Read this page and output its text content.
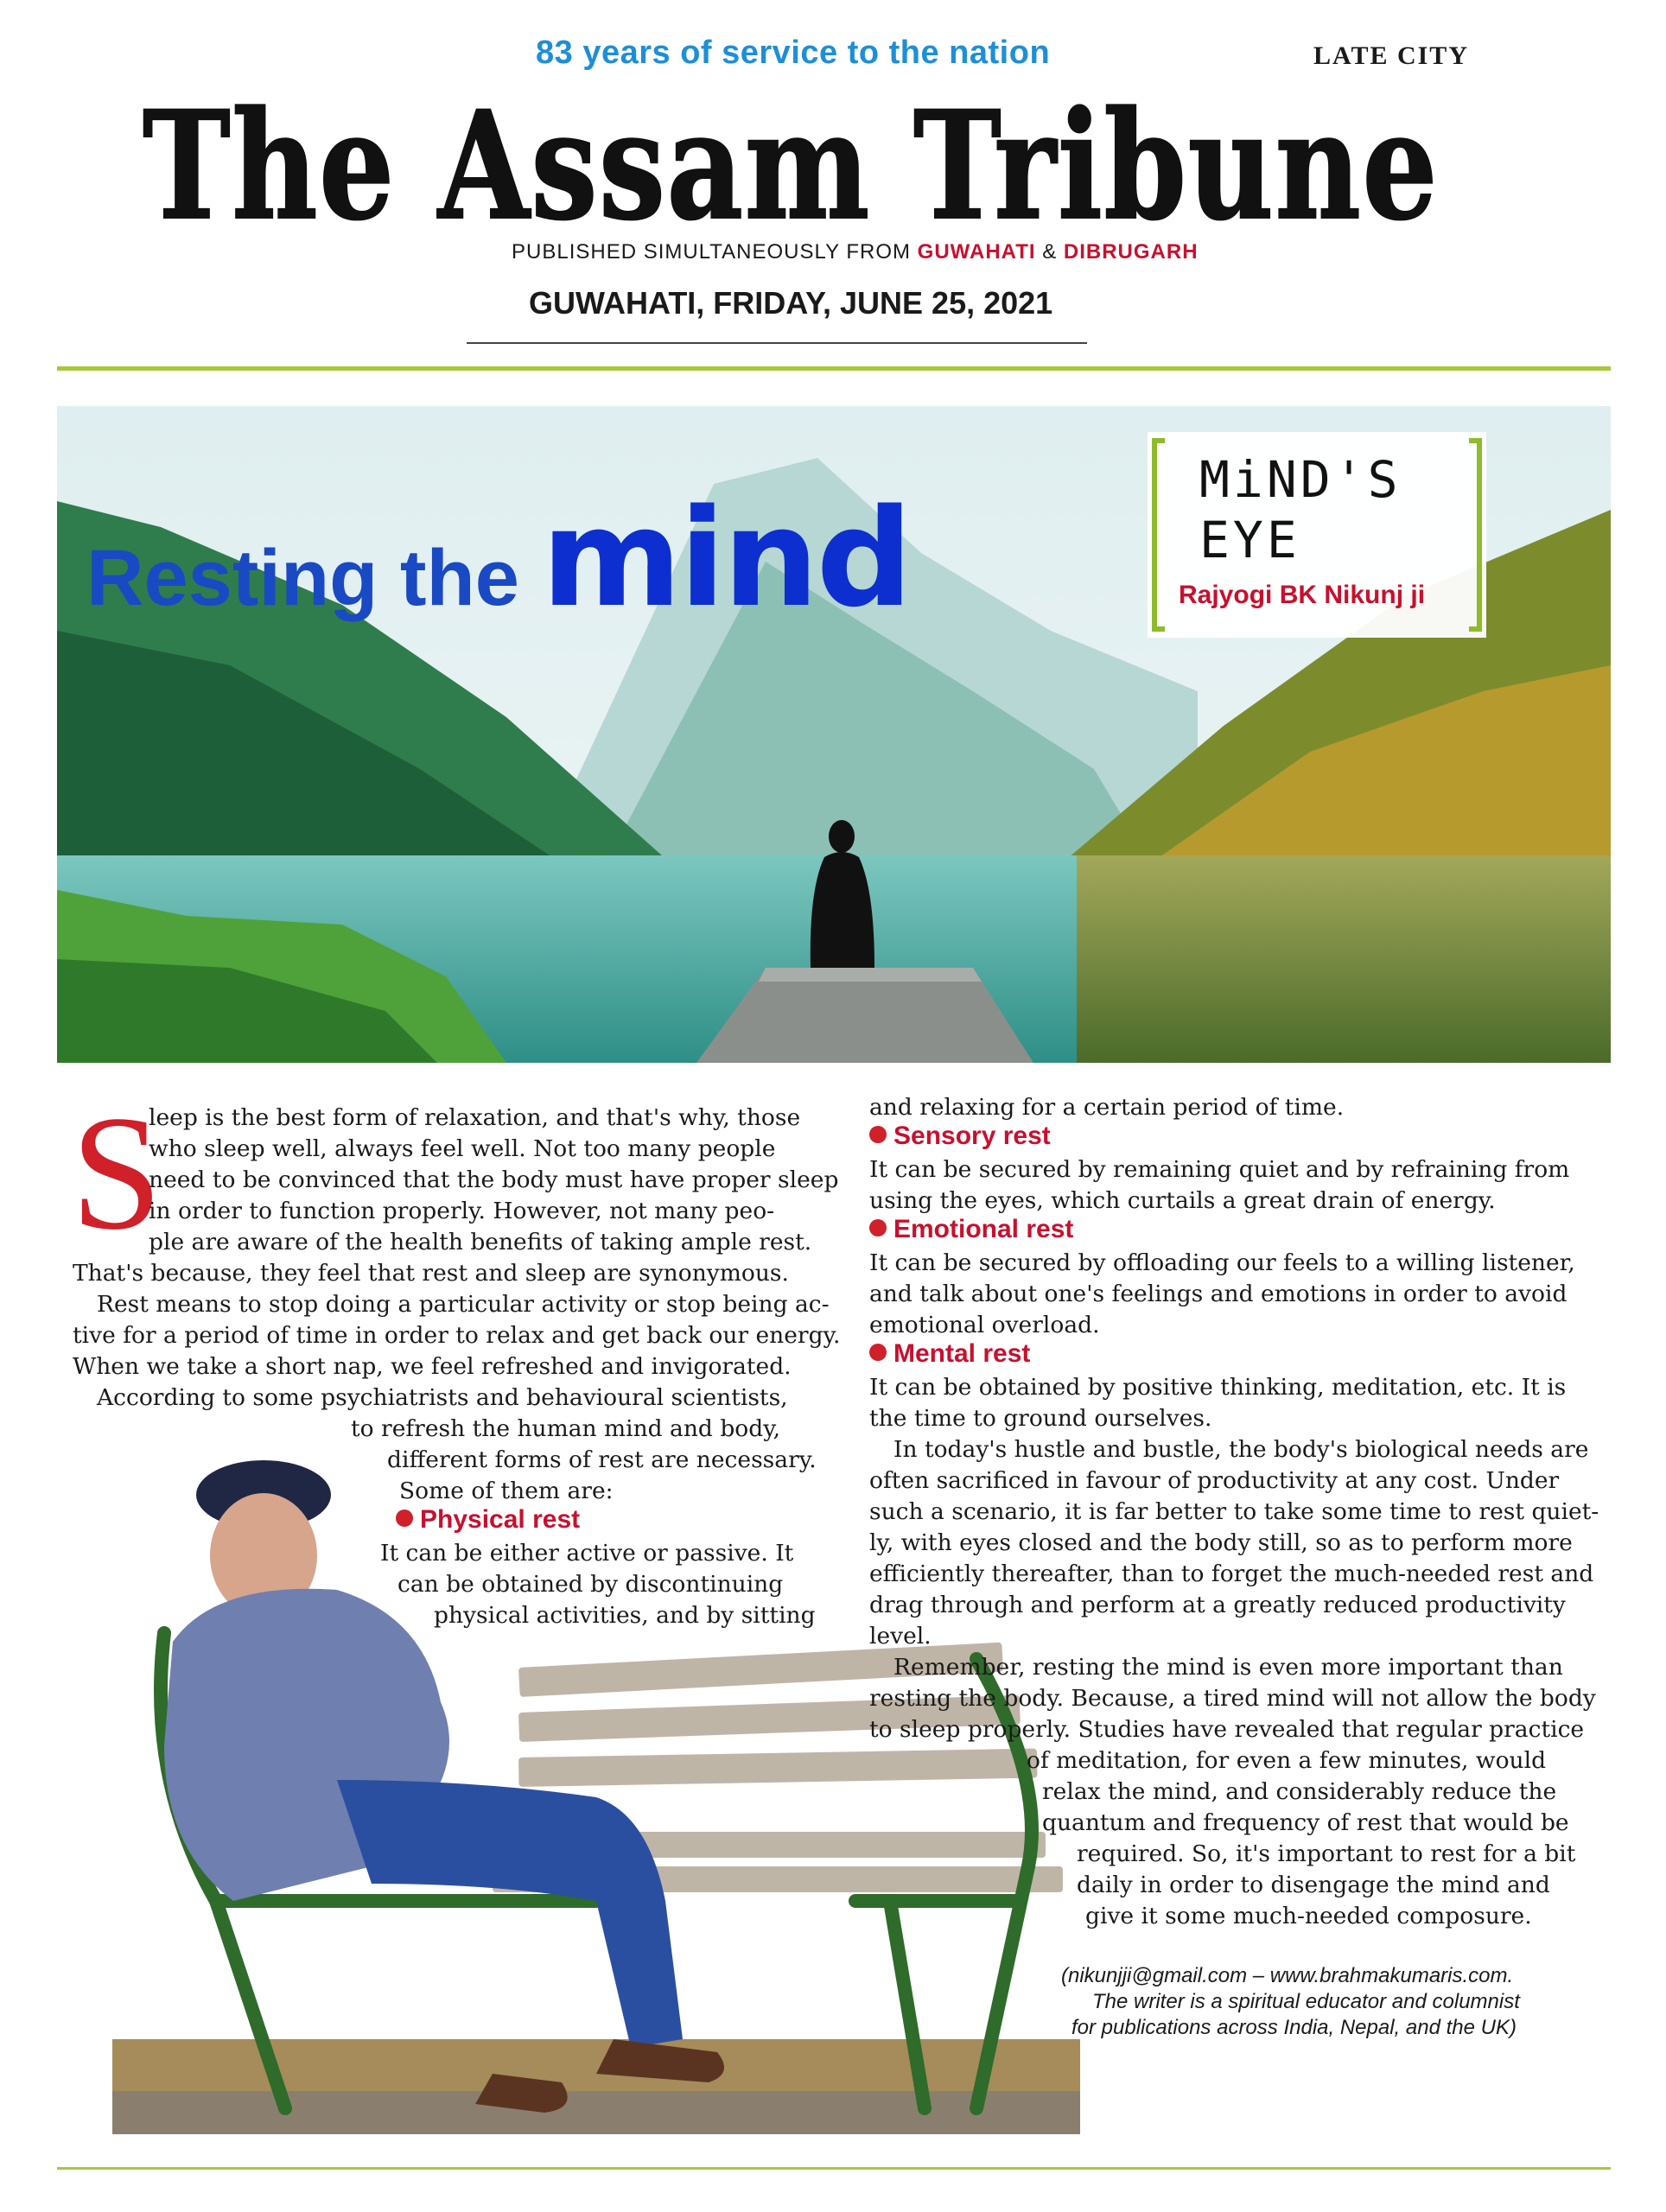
83 years of service to the nation	LATE CITY
The Assam Tribune
PUBLISHED SIMULTANEOUSLY FROM GUWAHATI & DIBRUGARH
GUWAHATI, FRIDAY, JUNE 25, 2021
Resting the mind	MiND'S
EYE
Rajyogi BK Nikunj ji
S
leep is the best form of relaxation, and that's why, those
who sleep well, always feel well. Not too many people
need to be convinced that the body must have proper sleep
in order to function properly. However, not many peo-
ple are aware of the health benefits of taking ample rest.
That's because, they feel that rest and sleep are synonymous.
Rest means to stop doing a particular activity or stop being ac-
tive for a period of time in order to relax and get back our energy.
When we take a short nap, we feel refreshed and invigorated.
According to some psychiatrists and behavioural scientists,
to refresh the human mind and body,
different forms of rest are necessary.
Some of them are:
Physical rest
It can be either active or passive. It
can be obtained by discontinuing
physical activities, and by sitting
and relaxing for a certain period of time.
Sensory rest
It can be secured by remaining quiet and by refraining from
using the eyes, which curtails a great drain of energy.
Emotional rest
It can be secured by offloading our feels to a willing listener,
and talk about one's feelings and emotions in order to avoid
emotional overload.
Mental rest
It can be obtained by positive thinking, meditation, etc. It is
the time to ground ourselves.
In today's hustle and bustle, the body's biological needs are
often sacrificed in favour of productivity at any cost. Under
such a scenario, it is far better to take some time to rest quiet-
ly, with eyes closed and the body still, so as to perform more
efficiently thereafter, than to forget the much-needed rest and
drag through and perform at a greatly reduced productivity
level.
Remember, resting the mind is even more important than
resting the body. Because, a tired mind will not allow the body
to sleep properly. Studies have revealed that regular practice
of meditation, for even a few minutes, would
relax the mind, and considerably reduce the
quantum and frequency of rest that would be
required. So, it's important to rest for a bit
daily in order to disengage the mind and
give it some much-needed composure.
(nikunjji@gmail.com – www.brahmakumaris.com.
The writer is a spiritual educator and columnist
for publications across India, Nepal, and the UK)
